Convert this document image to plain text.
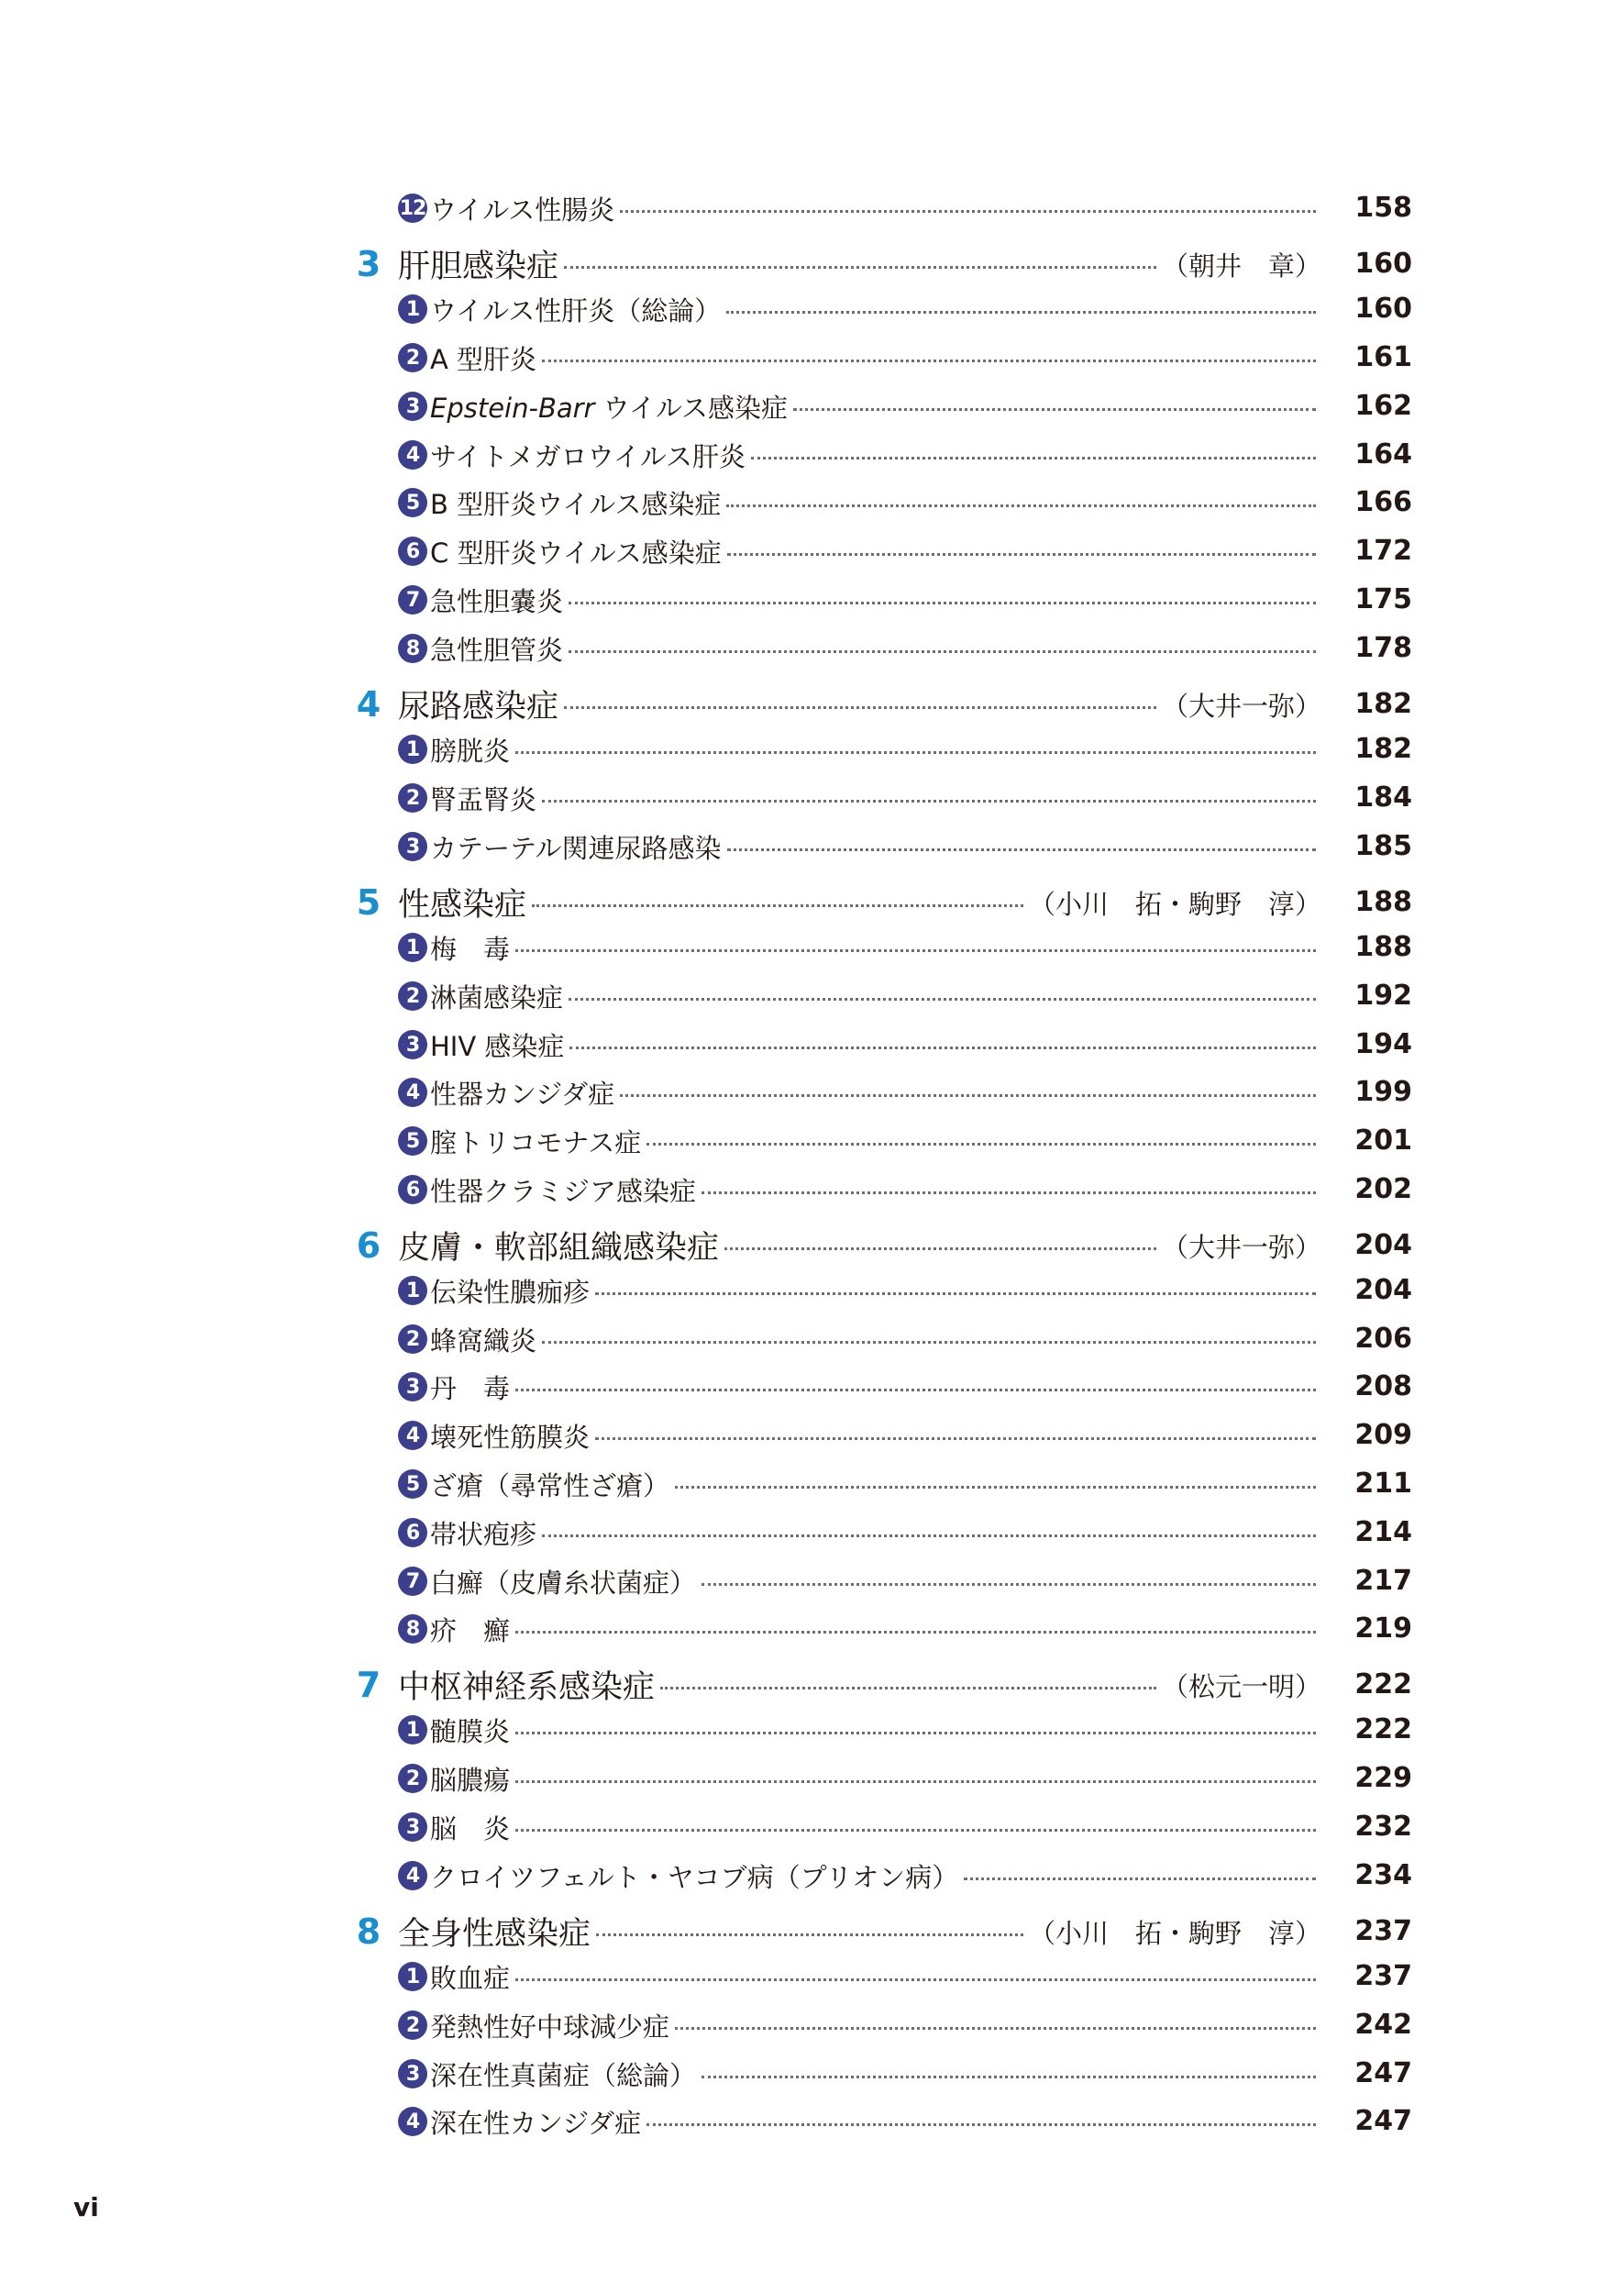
12 ウイルス性腸炎	158
3 肝胆感染症	（朝井　章）	160
1 ウイルス性肝炎（総論）	160
2 A 型肝炎	161
3 Epstein-Barr ウイルス感染症	162
4 サイトメガロウイルス肝炎	164
5 B 型肝炎ウイルス感染症	166
6 C 型肝炎ウイルス感染症	172
7 急性胆嚢炎	175
8 急性胆管炎	178
4 尿路感染症	（大井一弥）	182
1 膀胱炎	182
2 腎盂腎炎	184
3 カテーテル関連尿路感染	185
5 性感染症	（小川　拓・駒野　淳）	188
1 梅　毒	188
2 淋菌感染症	192
3 HIV 感染症	194
4 性器カンジダ症	199
5 腟トリコモナス症	201
6 性器クラミジア感染症	202
6 皮膚・軟部組織感染症	（大井一弥）	204
1 伝染性膿痂疹	204
2 蜂窩織炎	206
3 丹　毒	208
4 壊死性筋膜炎	209
5 ざ瘡（尋常性ざ瘡）	211
6 帯状疱疹	214
7 白癬（皮膚糸状菌症）	217
8 疥　癬	219
7 中枢神経系感染症	（松元一明）	222
1 髄膜炎	222
2 脳膿瘍	229
3 脳　炎	232
4 クロイツフェルト・ヤコブ病（プリオン病）	234
8 全身性感染症	（小川　拓・駒野　淳）	237
1 敗血症	237
2 発熱性好中球減少症	242
3 深在性真菌症（総論）	247
4 深在性カンジダ症	247
vi
